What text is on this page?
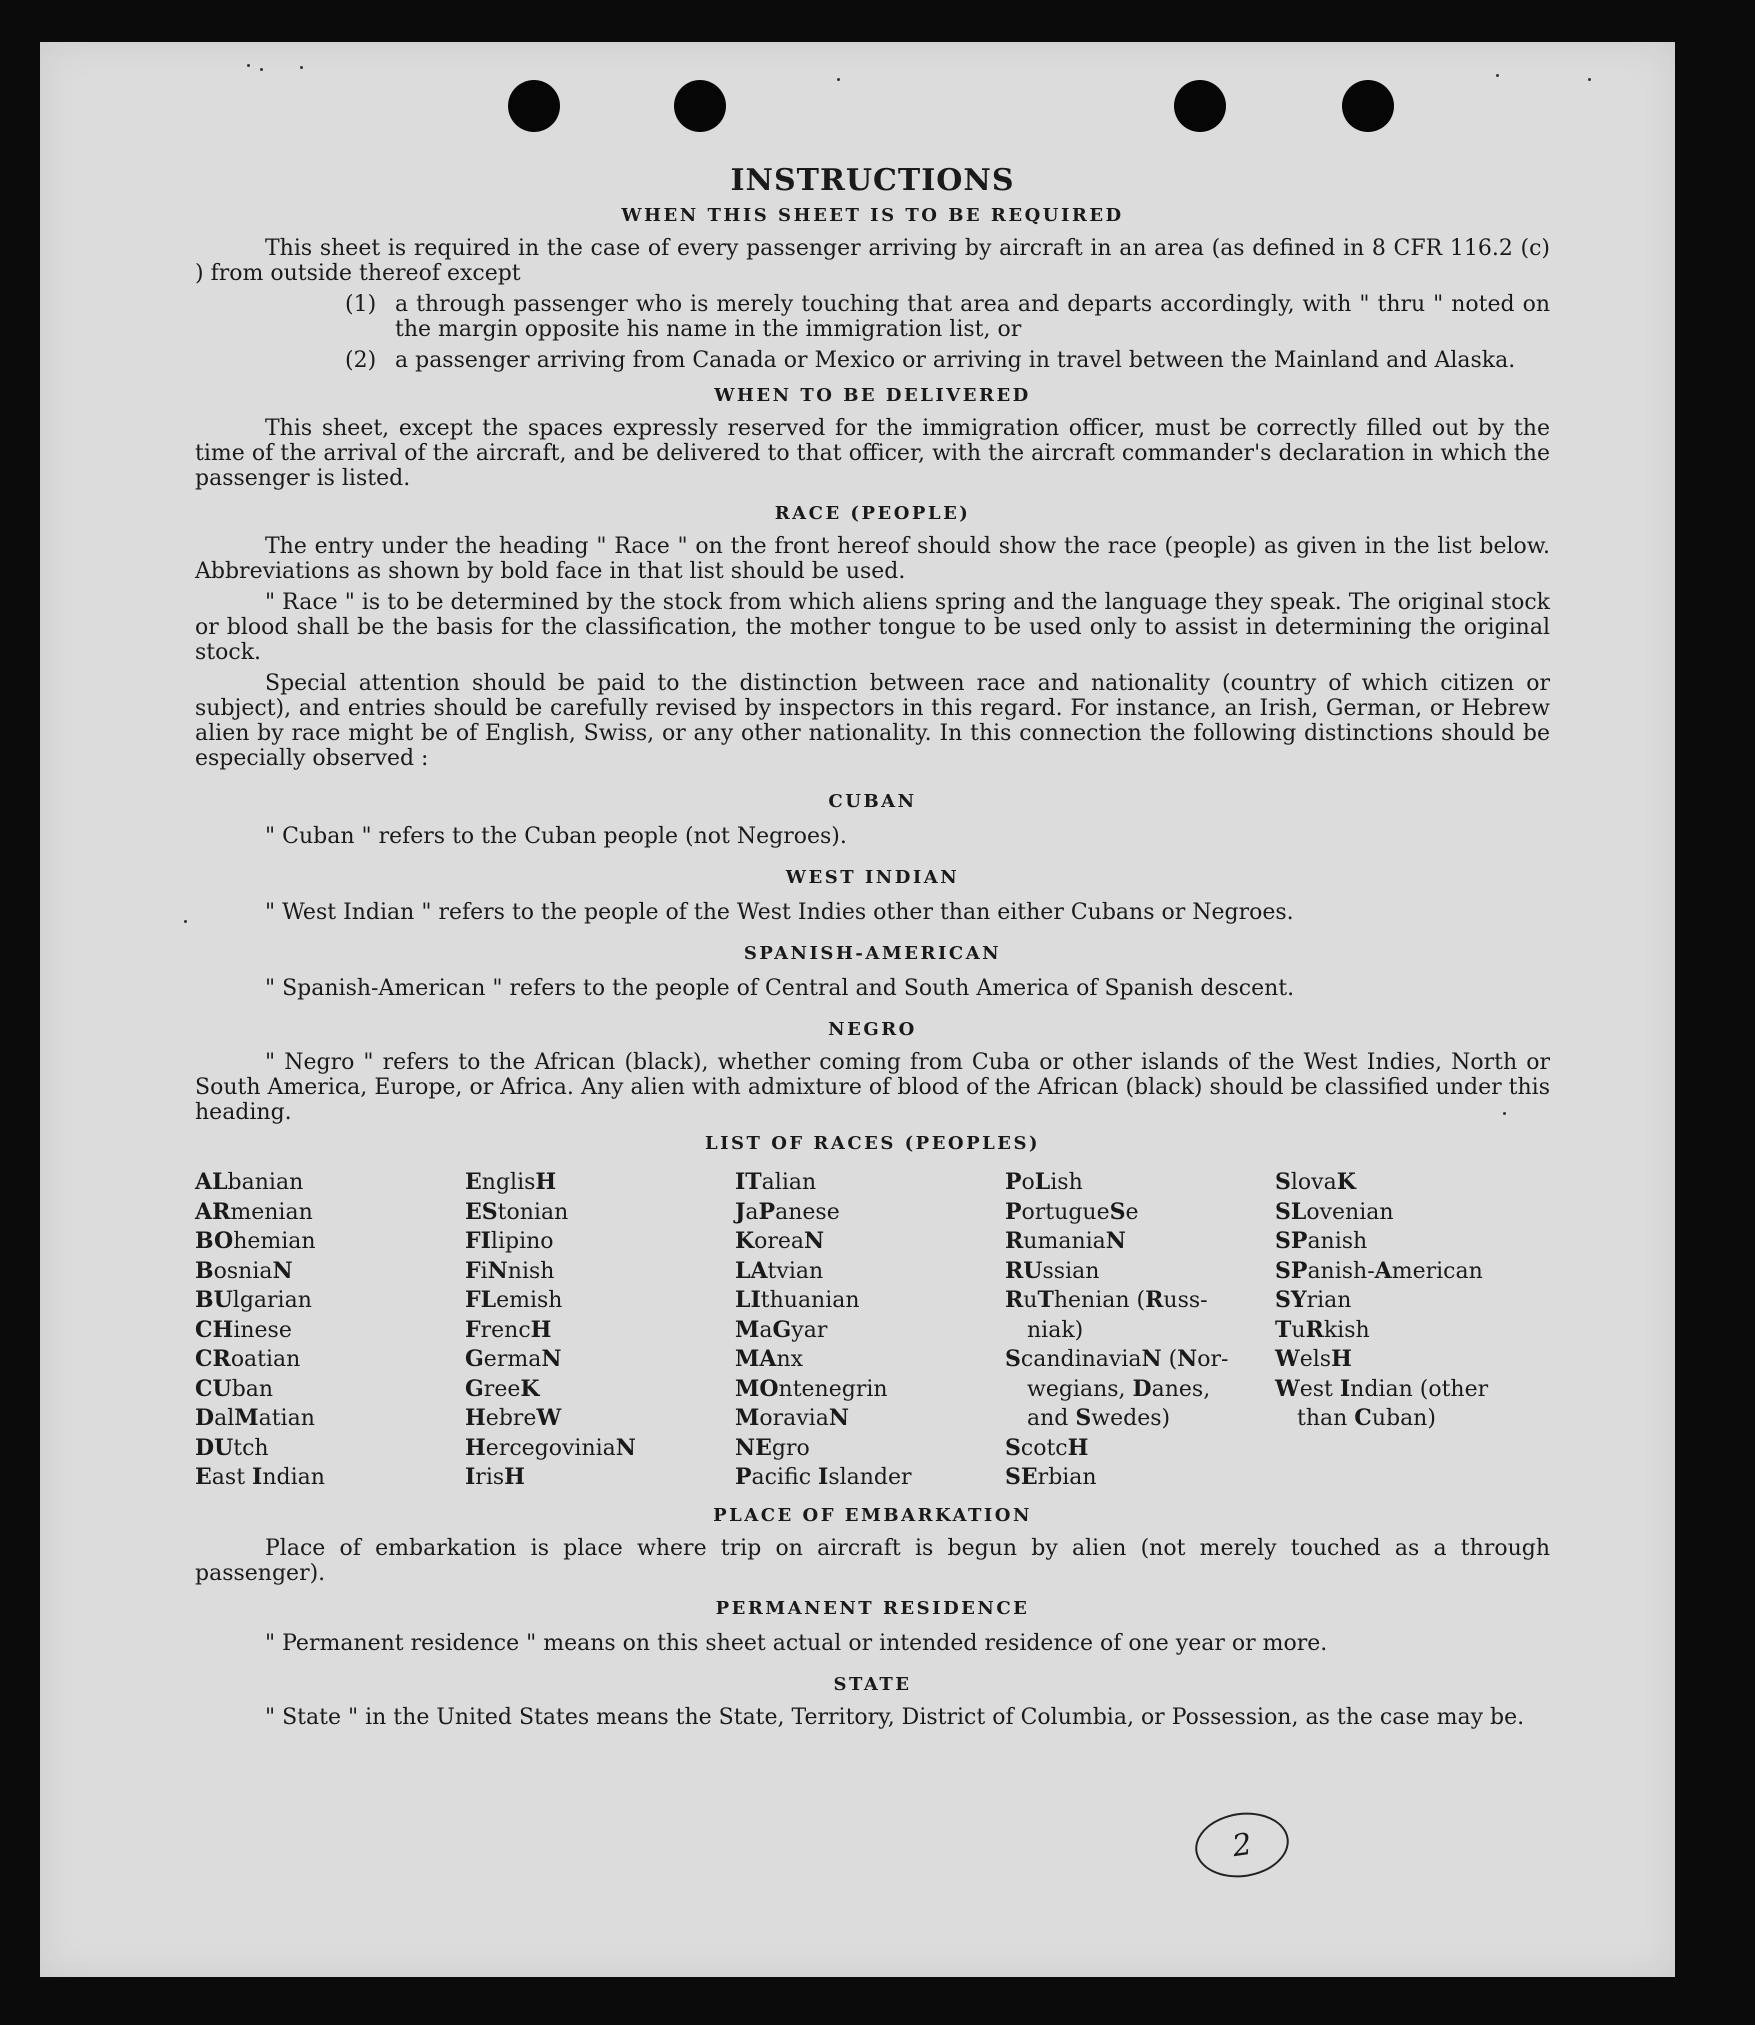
INSTRUCTIONS
WHEN THIS SHEET IS TO BE REQUIRED

This sheet is required in the case of every passenger arriving by aircraft in an area (as defined in 8 CFR 116.2 (c) ) from outside thereof except

(1) a through passenger who is merely touching that area and departs accordingly, with " thru " noted on the margin opposite his name in the immigration list, or
(2) a passenger arriving from Canada or Mexico or arriving in travel between the Mainland and Alaska.
WHEN TO BE DELIVERED

This sheet, except the spaces expressly reserved for the immigration officer, must be correctly filled out by the time of the arrival of the aircraft, and be delivered to that officer, with the aircraft commander's declaration in which the passenger is listed.

RACE (PEOPLE)

The entry under the heading " Race " on the front hereof should show the race (people) as given in the list below. Abbreviations as shown by bold face in that list should be used.

" Race " is to be determined by the stock from which aliens spring and the language they speak. The original stock or blood shall be the basis for the classification, the mother tongue to be used only to assist in determining the original stock.

Special attention should be paid to the distinction between race and nationality (country of which citizen or subject), and entries should be carefully revised by inspectors in this regard. For instance, an Irish, German, or Hebrew alien by race might be of English, Swiss, or any other nationality. In this connection the following distinctions should be especially observed :

CUBAN

" Cuban " refers to the Cuban people (not Negroes).

WEST INDIAN

" West Indian " refers to the people of the West Indies other than either Cubans or Negroes.

SPANISH-AMERICAN

" Spanish-American " refers to the people of Central and South America of Spanish descent.

NEGRO

" Negro " refers to the African (black), whether coming from Cuba or other islands of the West Indies, North or South America, Europe, or Africa. Any alien with admixture of blood of the African (black) should be classified under this heading.

LIST OF RACES (PEOPLES)
ALbanian
ARmenian
BOhemian
BosniaN
BUlgarian
CHinese
CRoatian
CUban
DalMatian
DUtch
East Indian
EnglisH
EStonian
FIlipino
FiNnish
FLemish
FrencH
GermaN
GreeK
HebreW
HercegoviniaN
IrisH
ITalian
JaPanese
KoreaN
LAtvian
LIthuanian
MaGyar
MAnx
MOntenegrin
MoraviaN
NEgro
Pacific Islander
PoLish
PortugueSe
RumaniaN
RUssian
RuThenian (Russ-
niak)
ScandinaviaN (Nor-
wegians, Danes,
and Swedes)
ScotcH
SErbian
SlovaK
SLovenian
SPanish
SPanish-American
SYrian
TuRkish
WelsH
West Indian (other
than Cuban)
PLACE OF EMBARKATION

Place of embarkation is place where trip on aircraft is begun by alien (not merely touched as a through passenger).

PERMANENT RESIDENCE

" Permanent residence " means on this sheet actual or intended residence of one year or more.

STATE

" State " in the United States means the State, Territory, District of Columbia, or Possession, as the case may be.

2
